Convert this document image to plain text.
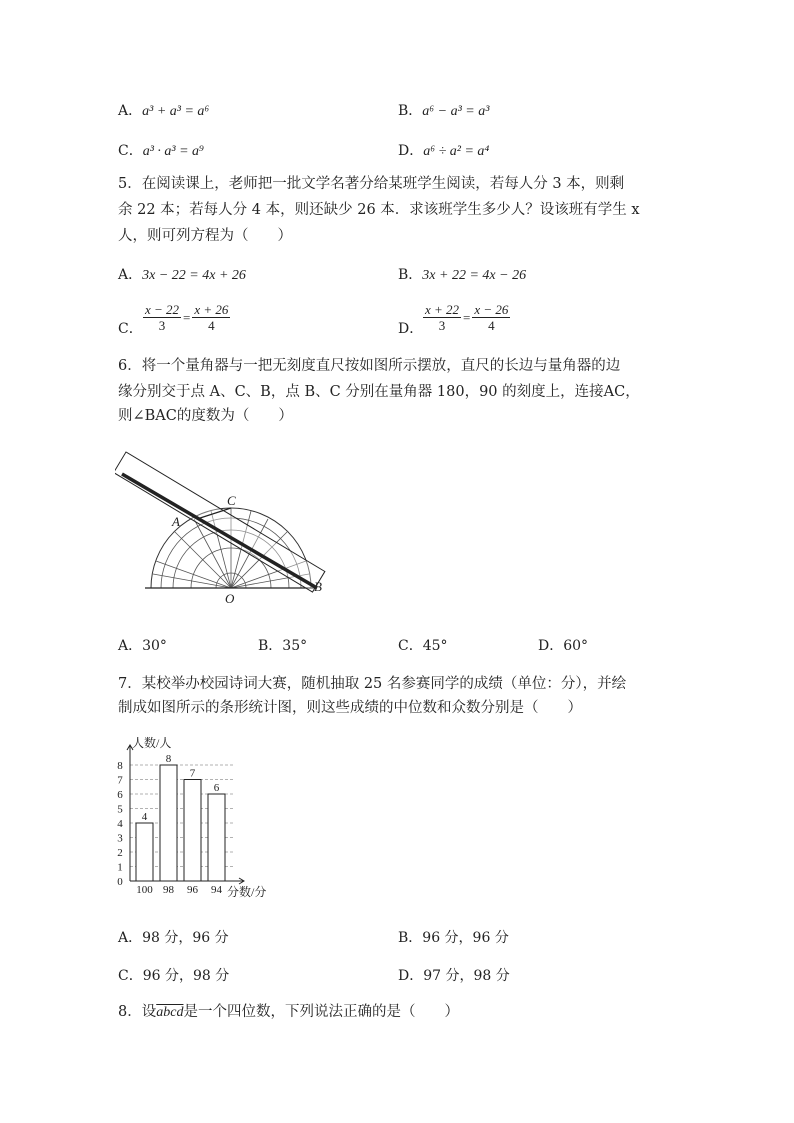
A．a³ + a³ = a⁶	B．a⁶ − a³ = a³
C．a³ · a³ = a⁹	D．a⁶ ÷ a² = a⁴
5．在阅读课上，老师把一批文学名著分给某班学生阅读，若每人分 3 本，则剩
余 22 本；若每人分 4 本，则还缺少 26 本．求该班学生多少人？设该班有学生 x
人，则可列方程为（　　）
A．3x − 22 = 4x + 26	B．3x + 22 = 4x − 26
C． $\frac{x - 22}{3} = \frac{x + 26}{4}$	D． $\frac{x + 22}{3} = \frac{x - 26}{4}$
6．将一个量角器与一把无刻度直尺按如图所示摆放，直尺的长边与量角器的边
缘分别交于点 A、C、B，点 B、C 分别在量角器 180，90 的刻度上，连接AC，
则∠BAC的度数为（　　）
C
A
B
O
A．30°	B．35°	C．45°	D．60°
7．某校举办校园诗词大赛，随机抽取 25 名参赛同学的成绩（单位：分），并绘
制成如图所示的条形统计图，则这些成绩的中位数和众数分别是（　　）
人数/人
分数/分
0
1
2
3
4
5
6
7
8
4
100
8
98
7
96
6
94
A．98 分，96 分	B．96 分，96 分
C．96 分，98 分	D．97 分，98 分
8．设abcd是一个四位数，下列说法正确的是（　　）
